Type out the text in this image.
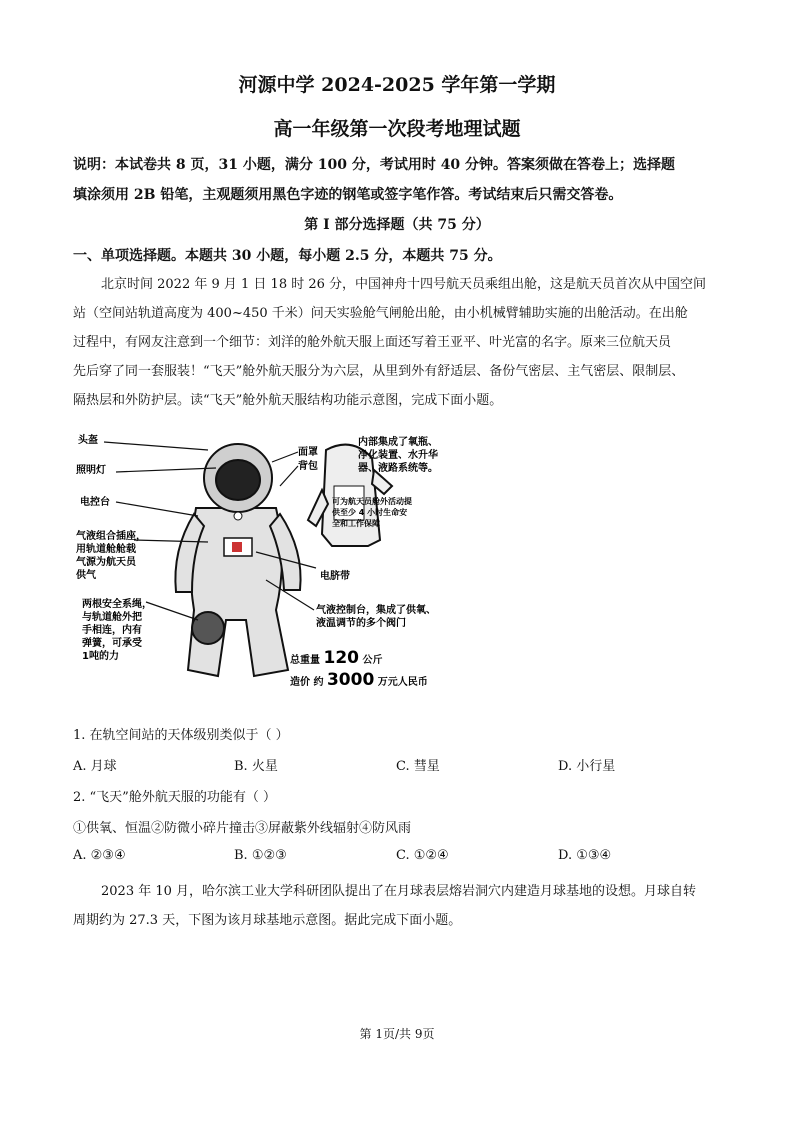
河源中学 2024-2025 学年第一学期
高一年级第一次段考地理试题
说明：本试卷共 8 页，31 小题，满分 100 分，考试用时 40 分钟。答案须做在答卷上；选择题
填涂须用 2B 铅笔，主观题须用黑色字迹的钢笔或签字笔作答。考试结束后只需交答卷。
第 I 部分选择题（共 75 分）
一、单项选择题。本题共 30 小题，每小题 2.5 分，本题共 75 分。
北京时间 2022 年 9 月 1 日 18 时 26 分，中国神舟十四号航天员乘组出舱，这是航天员首次从中国空间
站（空间站轨道高度为 400~450 千米）问天实验舱气闸舱出舱，由小机械臂辅助实施的出舱活动。在出舱
过程中，有网友注意到一个细节：刘洋的舱外航天服上面还写着王亚平、叶光富的名字。原来三位航天员
先后穿了同一套服装！“飞天”舱外航天服分为六层，从里到外有舒适层、备份气密层、主气密层、限制层、
隔热层和外防护层。读“飞天”舱外航天服结构功能示意图，完成下面小题。
头盔
照明灯
电控台
气液组合插座，
用轨道舱舱载
气源为航天员
供气
两根安全系绳，
与轨道舱外把
手相连，内有
弹簧，可承受
1吨的力
面罩
背包
内部集成了氧瓶、
净化装置、水升华
器、液路系统等。
可为航天员舱外活动提
供至少 4 小时生命安
全和工作保障
电脐带
气液控制台，集成了供氧、
液温调节的多个阀门
总重量 120 公斤
造价 约 3000 万元人民币
1. 在轨空间站的天体级别类似于（ ）
A. 月球	B. 火星	C. 彗星	D. 小行星
2. “飞天”舱外航天服的功能有（ ）
①供氧、恒温②防微小碎片撞击③屏蔽紫外线辐射④防风雨
A. ②③④	B. ①②③	C. ①②④	D. ①③④
2023 年 10 月，哈尔滨工业大学科研团队提出了在月球表层熔岩洞穴内建造月球基地的设想。月球自转
周期约为 27.3 天，下图为该月球基地示意图。据此完成下面小题。
第 1页/共 9页
